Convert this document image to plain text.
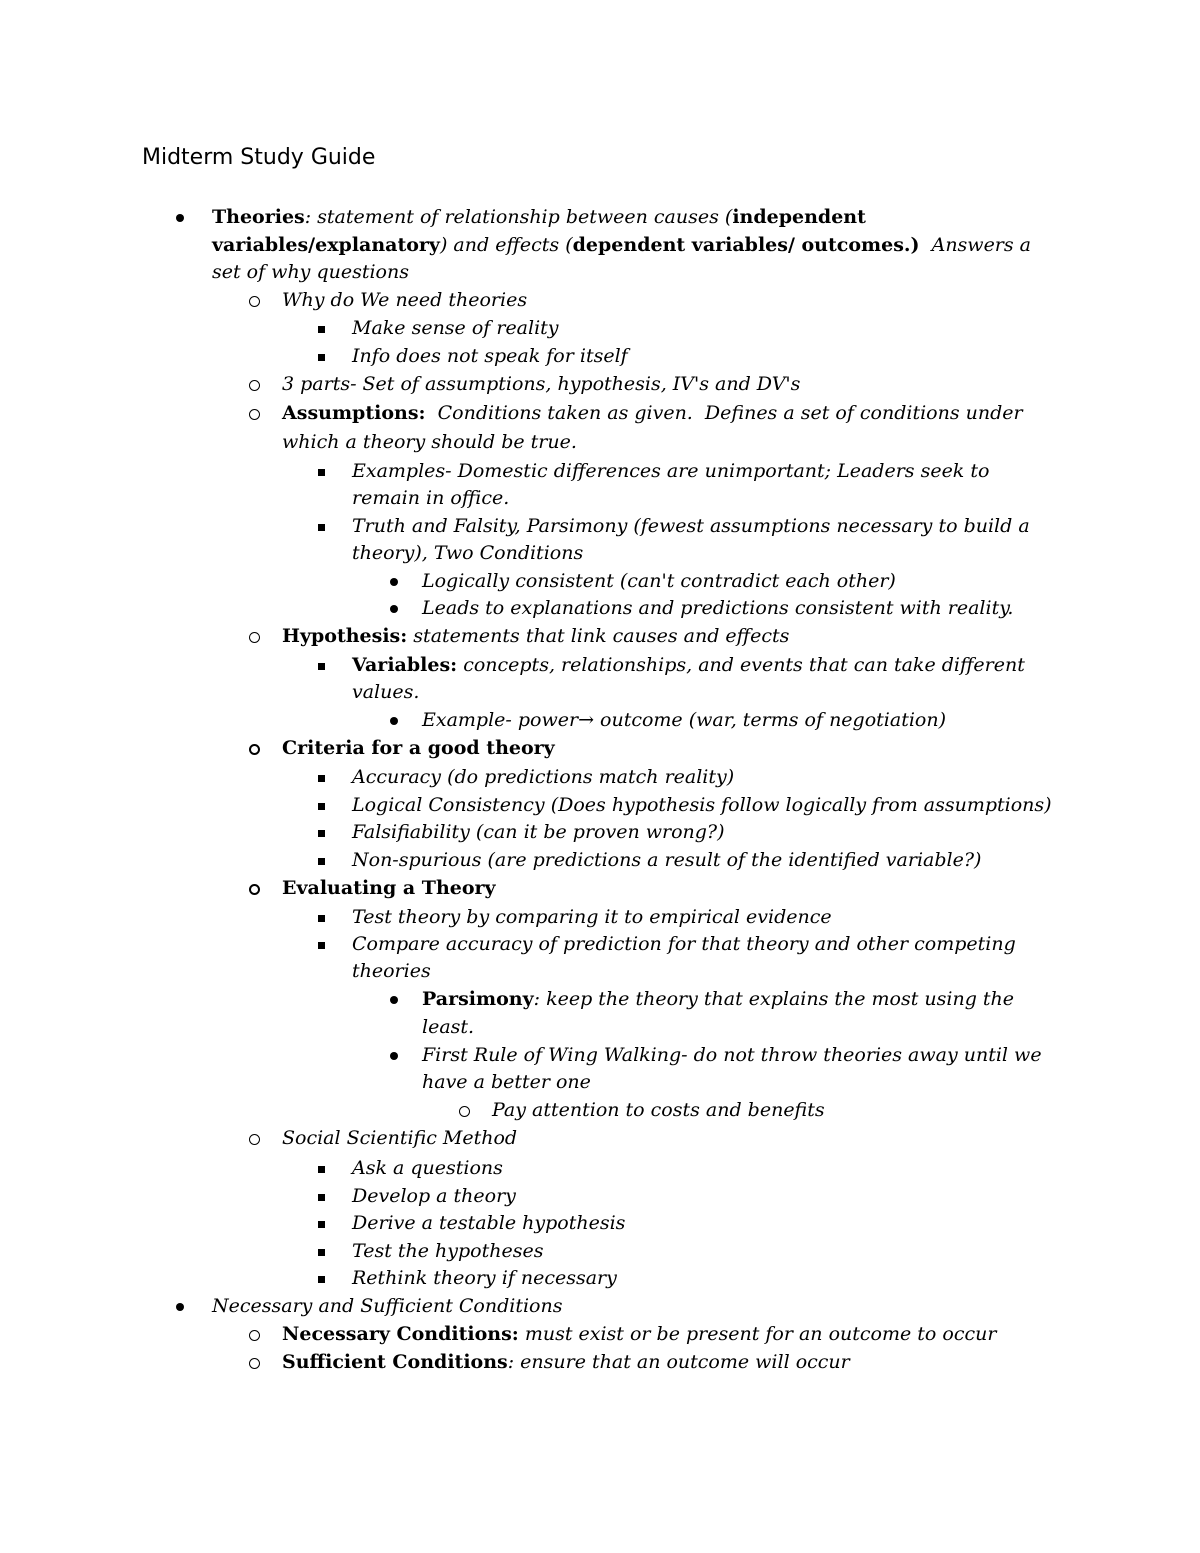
Midterm Study Guide
Theories: statement of relationship between causes (independent
variables/explanatory) and effects (dependent variables/ outcomes.)  Answers a
set of why questions
Why do We need theories
Make sense of reality
Info does not speak for itself
3 parts- Set of assumptions, hypothesis, IV's and DV's
Assumptions:  Conditions taken as given.  Defines a set of conditions under
which a theory should be true.
Examples- Domestic differences are unimportant; Leaders seek to
remain in office.
Truth and Falsity, Parsimony (fewest assumptions necessary to build a
theory), Two Conditions
Logically consistent (can't contradict each other)
Leads to explanations and predictions consistent with reality.
Hypothesis: statements that link causes and effects
Variables: concepts, relationships, and events that can take different
values.
Example- power→ outcome (war, terms of negotiation)
Criteria for a good theory
Accuracy (do predictions match reality)
Logical Consistency (Does hypothesis follow logically from assumptions)
Falsifiability (can it be proven wrong?)
Non-spurious (are predictions a result of the identified variable?)
Evaluating a Theory
Test theory by comparing it to empirical evidence
Compare accuracy of prediction for that theory and other competing
theories
Parsimony: keep the theory that explains the most using the
least.
First Rule of Wing Walking- do not throw theories away until we
have a better one
Pay attention to costs and benefits
Social Scientific Method
Ask a questions
Develop a theory
Derive a testable hypothesis
Test the hypotheses
Rethink theory if necessary
Necessary and Sufficient Conditions
Necessary Conditions: must exist or be present for an outcome to occur
Sufficient Conditions: ensure that an outcome will occur
